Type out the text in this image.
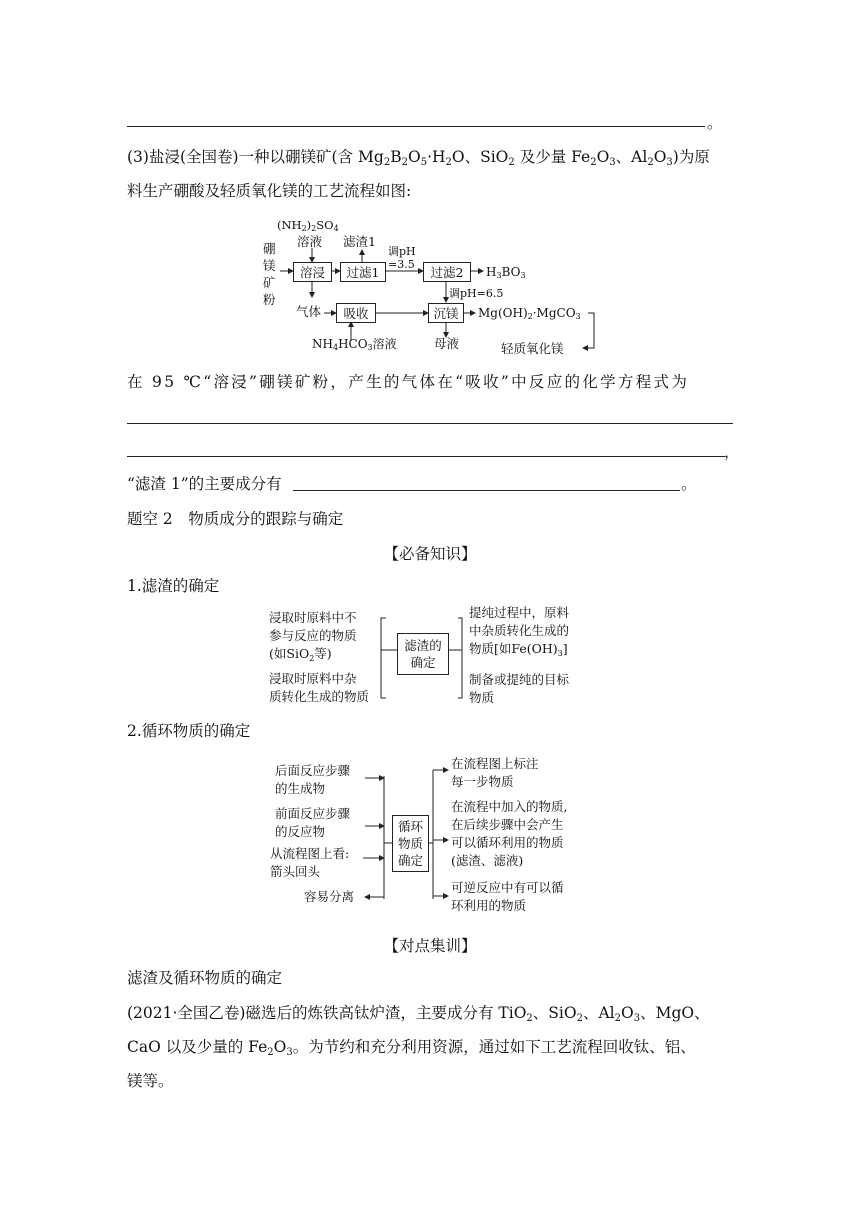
。
(3)盐浸(全国卷)一种以硼镁矿(含 $Mg_2B_2O_5\cdot H_2O$、SiO$_2$ 及少量 $Fe_2O_3$、$Al_2O_3$)为原
料生产硼酸及轻质氧化镁的工艺流程如图:
$(NH_2)_2SO_4$
溶液 滤渣1
调pH
=3.5
硼
镁
矿
粉
溶浸	过滤1	过滤2	$H_3BO_3$
调pH=6.5
气体	吸收	沉镁	$Mg(OH)_2\cdot MgCO_3$
$NH_4HCO_3$溶液	母液	轻质氧化镁
在 95 ℃“溶浸”硼镁矿粉，产生的气体在“吸收”中反应的化学方程式为
，
“滤渣 1”的主要成分有	。
题空 2　物质成分的跟踪与确定
【必备知识】
1.滤渣的确定
浸取时原料中不
参与反应的物质
(如SiO$_2$等)
浸取时原料中杂
质转化生成的物质
滤渣的
确定
提纯过程中，原料
中杂质转化生成的
物质[如$Fe(OH)_3$]
制备或提纯的目标
物质
2.循环物质的确定
后面反应步骤
的生成物
前面反应步骤
的反应物
从流程图上看:
箭头回头
容易分离
循环
物质
确定
在流程图上标注
每一步物质
在流程中加入的物质,
在后续步骤中会产生
可以循环利用的物质
(滤渣、滤液)
可逆反应中有可以循
环利用的物质
【对点集训】
滤渣及循环物质的确定
(2021·全国乙卷)磁选后的炼铁高钛炉渣，主要成分有 TiO$_2$、SiO$_2$、$Al_2O_3$、MgO、
CaO 以及少量的 $Fe_2O_3$。为节约和充分利用资源，通过如下工艺流程回收钛、铝、
镁等。
